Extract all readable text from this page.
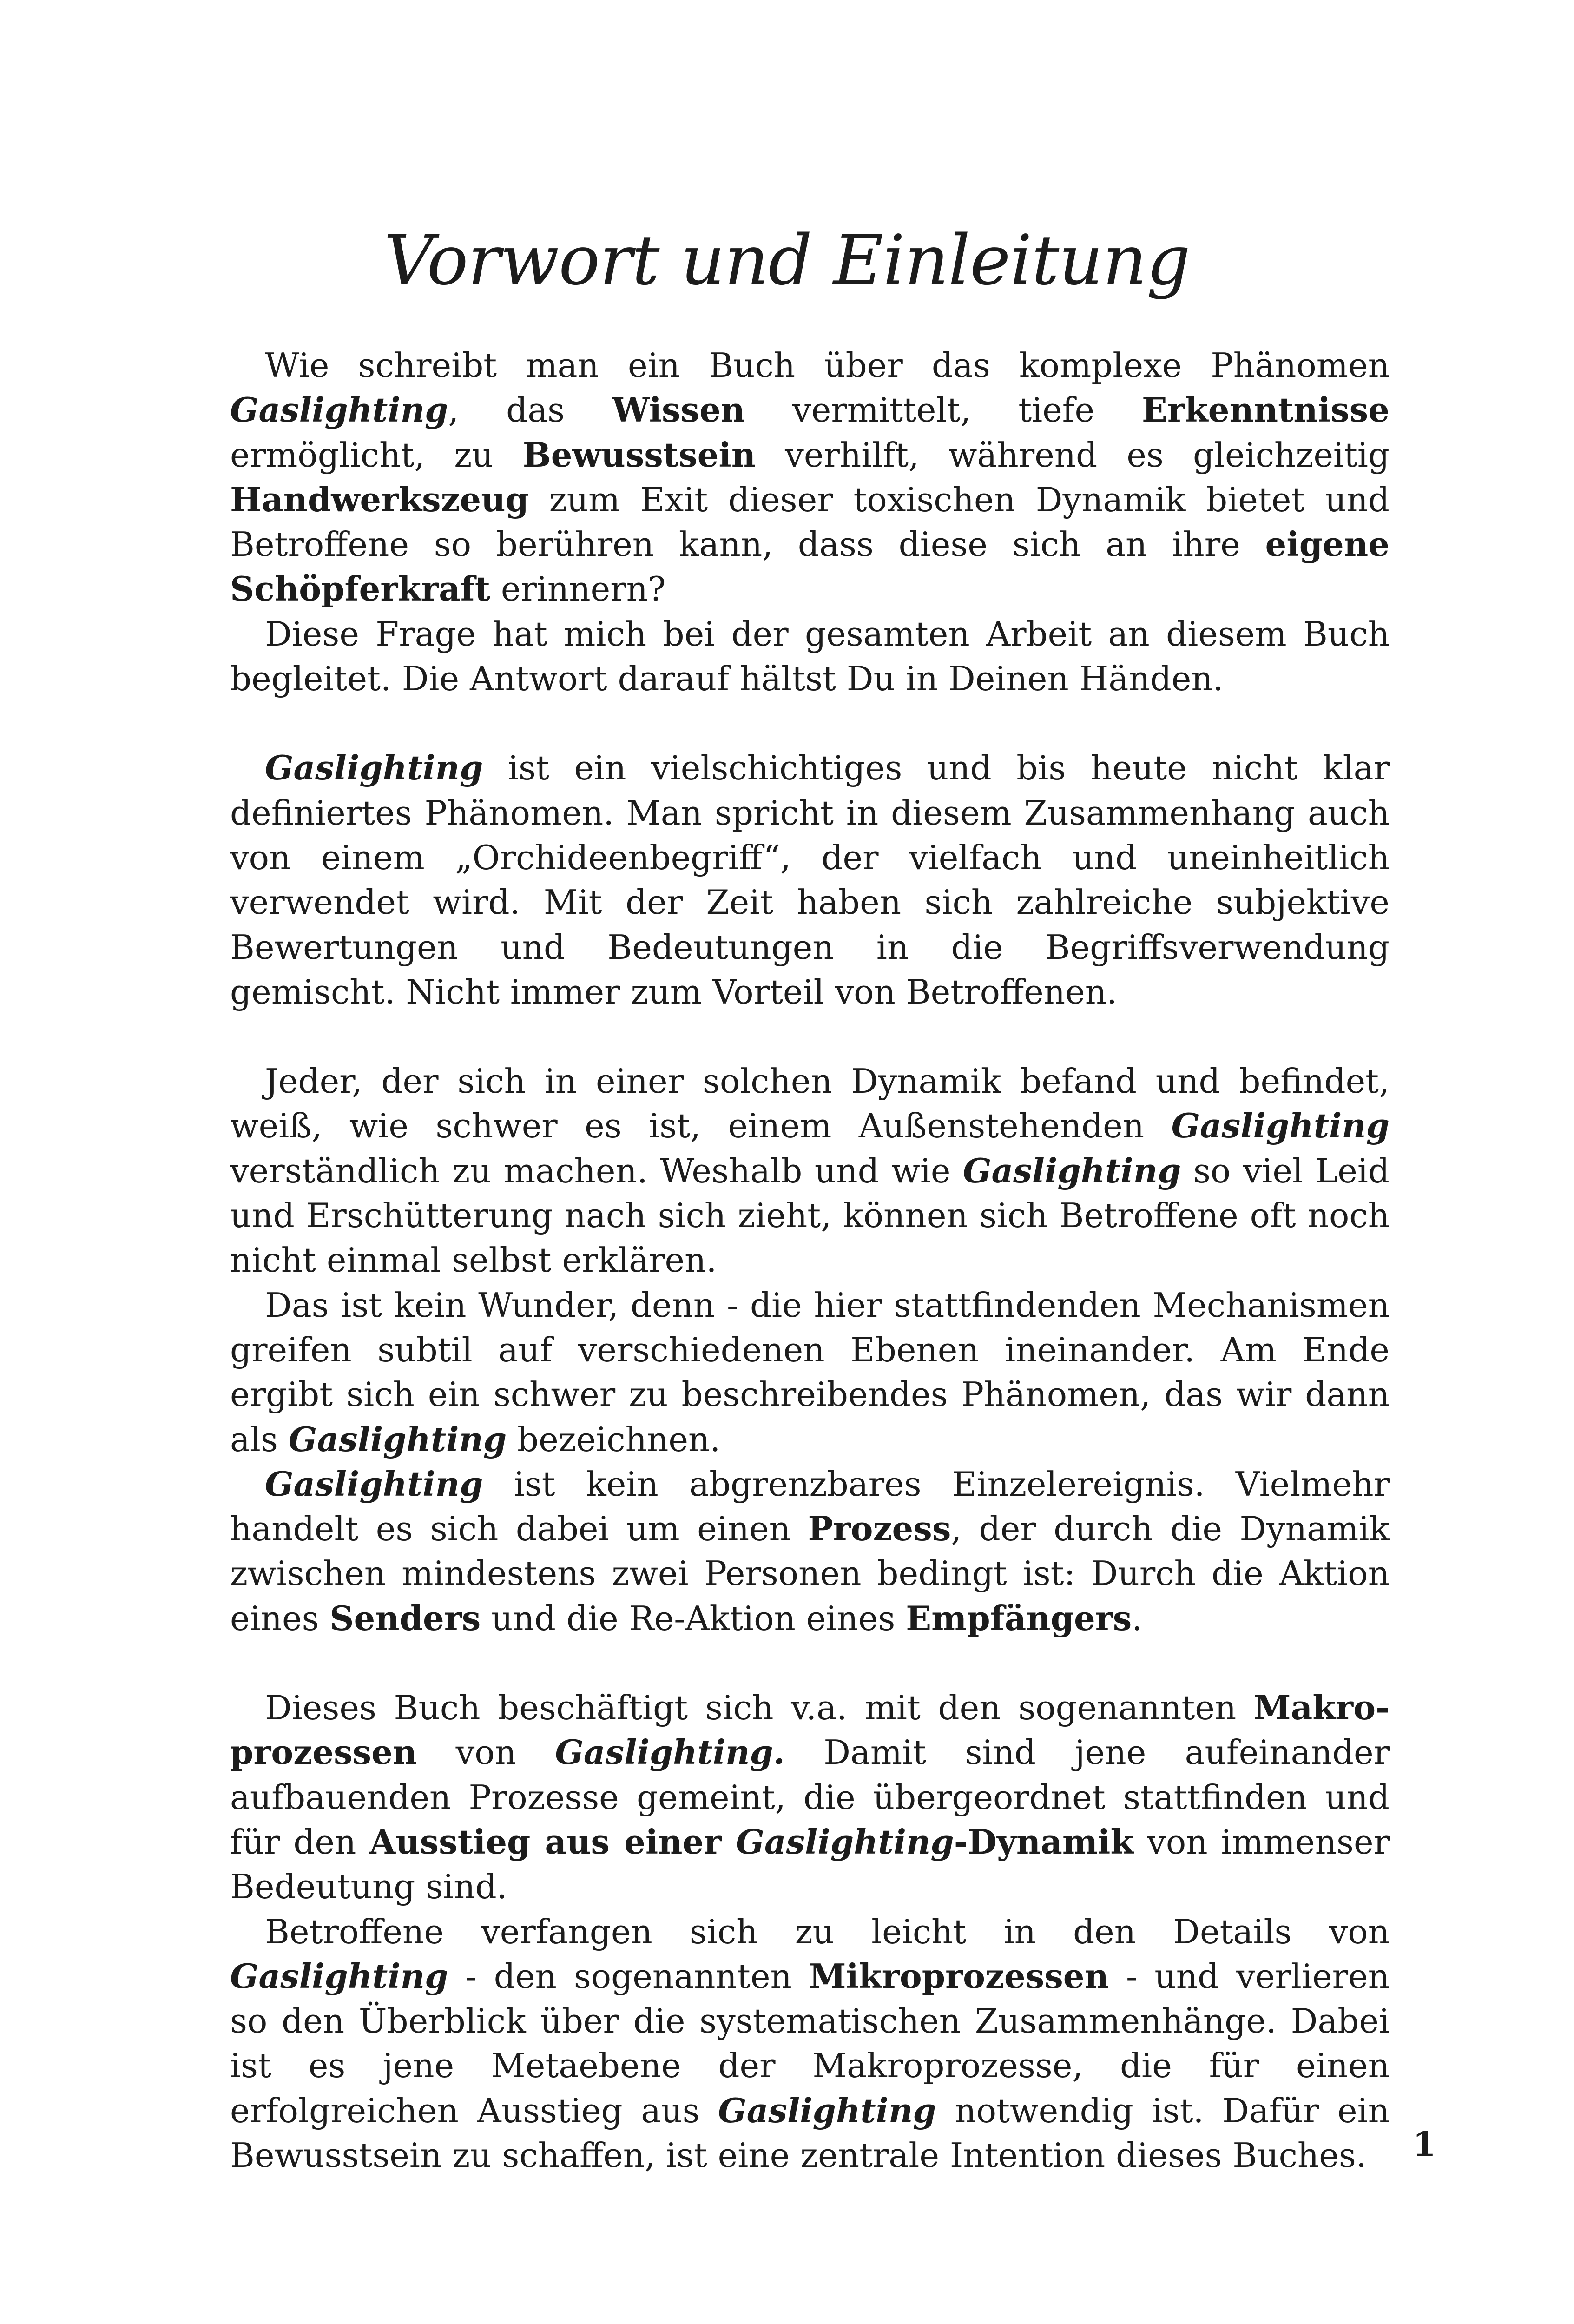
Vorwort und Einleitung

Wie schreibt man ein Buch über das komplexe Phänomen Gaslighting, das Wissen vermittelt, tiefe Erkenntnisse ermöglicht, zu Bewusstsein verhilft, während es gleichzeitig Handwerkszeug zum Exit dieser toxischen Dynamik bietet und Betroffene so berühren kann, dass diese sich an ihre eigene Schöpferkraft erinnern?

Diese Frage hat mich bei der gesamten Arbeit an diesem Buch begleitet. Die Antwort darauf hältst Du in Deinen Händen.

Gaslighting ist ein vielschichtiges und bis heute nicht klar definiertes Phänomen. Man spricht in diesem Zusammenhang auch von einem „Orchideenbegriff“, der vielfach und uneinheitlich verwendet wird. Mit der Zeit haben sich zahlreiche subjektive Bewertungen und Bedeutungen in die Begriffsverwendung gemischt. Nicht immer zum Vorteil von Betroffenen.

Jeder, der sich in einer solchen Dynamik befand und befindet, weiß, wie schwer es ist, einem Außenstehenden Gaslighting verständlich zu machen. Weshalb und wie Gaslighting so viel Leid und Erschütterung nach sich zieht, können sich Betroffene oft noch nicht einmal selbst erklären.

Das ist kein Wunder, denn - die hier stattfindenden Mechanismen greifen subtil auf verschiedenen Ebenen ineinander. Am Ende ergibt sich ein schwer zu beschreibendes Phänomen, das wir dann als Gaslighting bezeichnen.

Gaslighting ist kein abgrenzbares Einzelereignis. Vielmehr handelt es sich dabei um einen Prozess, der durch die Dynamik zwischen mindestens zwei Personen bedingt ist: Durch die Aktion eines Senders und die Re-Aktion eines Empfängers.

Dieses Buch beschäftigt sich v.a. mit den sogenannten Makro-prozessen von Gaslighting. Damit sind jene aufeinander aufbauenden Prozesse gemeint, die übergeordnet stattfinden und für den Ausstieg aus einer Gaslighting-Dynamik von immenser Bedeutung sind.

Betroffene verfangen sich zu leicht in den Details von Gaslighting - den sogenannten Mikroprozessen - und verlieren so den Überblick über die systematischen Zusammenhänge. Dabei ist es jene Metaebene der Makroprozesse, die für einen erfolgreichen Ausstieg aus Gaslighting notwendig ist. Dafür ein Bewusstsein zu schaffen, ist eine zentrale Intention dieses Buches.	1
